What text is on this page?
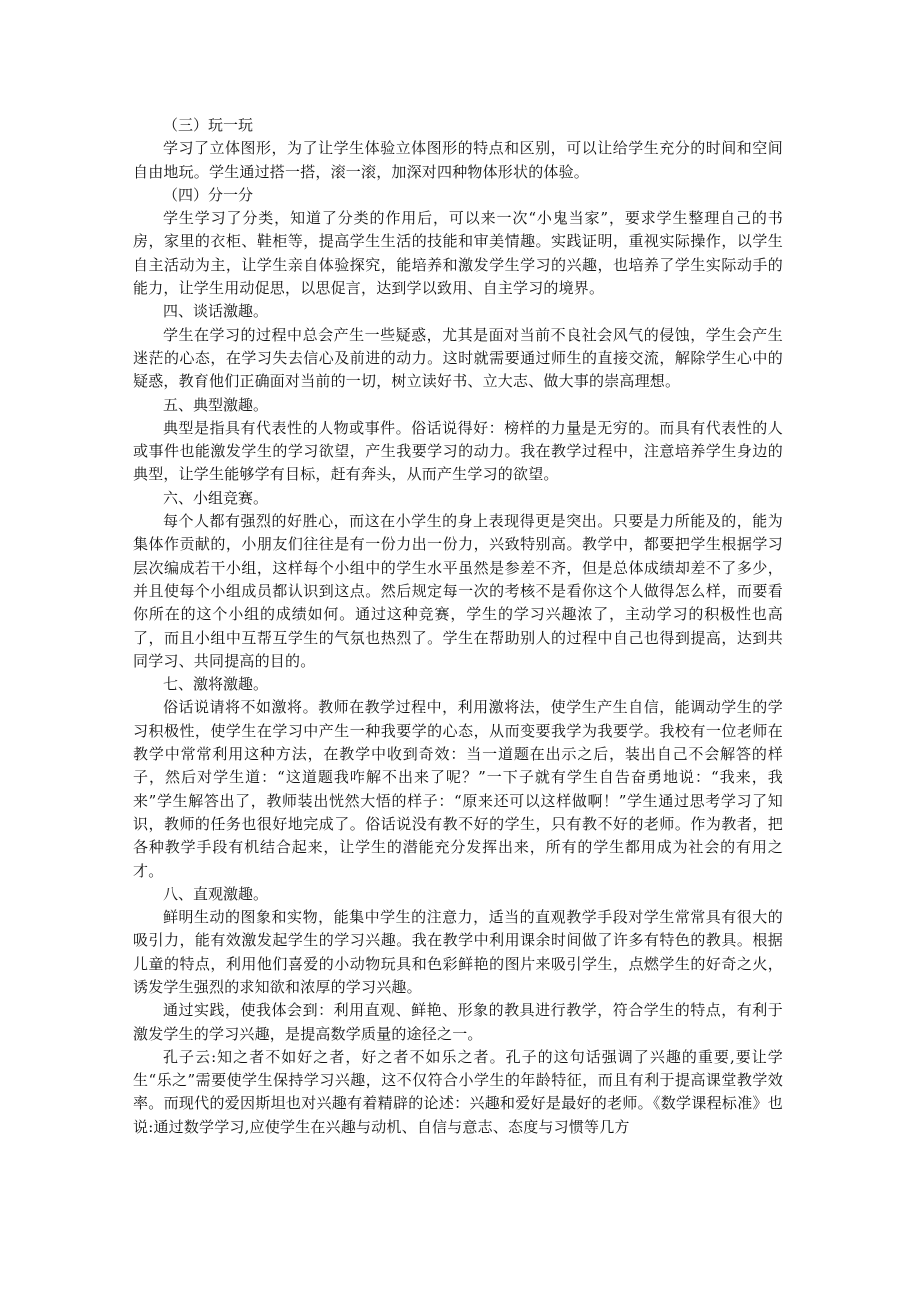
（三）玩一玩

学习了立体图形，为了让学生体验立体图形的特点和区别，可以让给学生充分的时间和空间自由地玩。学生通过搭一搭，滚一滚，加深对四种物体形状的体验。

（四）分一分

学生学习了分类，知道了分类的作用后，可以来一次“小鬼当家”，要求学生整理自己的书房，家里的衣柜、鞋柜等，提高学生生活的技能和审美情趣。实践证明，重视实际操作，以学生自主活动为主，让学生亲自体验探究，能培养和激发学生学习的兴趣，也培养了学生实际动手的能力，让学生用动促思，以思促言，达到学以致用、自主学习的境界。

四、谈话激趣。

学生在学习的过程中总会产生一些疑惑，尤其是面对当前不良社会风气的侵蚀，学生会产生迷茫的心态，在学习失去信心及前进的动力。这时就需要通过师生的直接交流，解除学生心中的疑惑，教育他们正确面对当前的一切，树立读好书、立大志、做大事的崇高理想。

五、典型激趣。

典型是指具有代表性的人物或事件。俗话说得好：榜样的力量是无穷的。而具有代表性的人或事件也能激发学生的学习欲望，产生我要学习的动力。我在教学过程中，注意培养学生身边的典型，让学生能够学有目标，赶有奔头，从而产生学习的欲望。

六、小组竞赛。

每个人都有强烈的好胜心，而这在小学生的身上表现得更是突出。只要是力所能及的，能为集体作贡献的，小朋友们往往是有一份力出一份力，兴致特别高。教学中，都要把学生根据学习层次编成若干小组，这样每个小组中的学生水平虽然是参差不齐，但是总体成绩却差不了多少，并且使每个小组成员都认识到这点。然后规定每一次的考核不是看你这个人做得怎么样，而要看你所在的这个小组的成绩如何。通过这种竞赛，学生的学习兴趣浓了，主动学习的积极性也高了，而且小组中互帮互学生的气氛也热烈了。学生在帮助别人的过程中自己也得到提高，达到共同学习、共同提高的目的。

七、激将激趣。

俗话说请将不如激将。教师在教学过程中，利用激将法，使学生产生自信，能调动学生的学习积极性，使学生在学习中产生一种我要学的心态，从而变要我学为我要学。我校有一位老师在教学中常常利用这种方法，在教学中收到奇效：当一道题在出示之后，装出自己不会解答的样子，然后对学生道：“这道题我咋解不出来了呢？”一下子就有学生自告奋勇地说：“我来，我来”学生解答出了，教师装出恍然大悟的样子：“原来还可以这样做啊！”学生通过思考学习了知识，教师的任务也很好地完成了。俗话说没有教不好的学生，只有教不好的老师。作为教者，把各种教学手段有机结合起来，让学生的潜能充分发挥出来，所有的学生都用成为社会的有用之才。

八、直观激趣。

鲜明生动的图象和实物，能集中学生的注意力，适当的直观教学手段对学生常常具有很大的吸引力，能有效激发起学生的学习兴趣。我在教学中利用课余时间做了许多有特色的教具。根据儿童的特点，利用他们喜爱的小动物玩具和色彩鲜艳的图片来吸引学生，点燃学生的好奇之火，诱发学生强烈的求知欲和浓厚的学习兴趣。

通过实践，使我体会到：利用直观、鲜艳、形象的教具进行教学，符合学生的特点，有利于激发学生的学习兴趣，是提高数学质量的途径之一。

孔子云:知之者不如好之者，好之者不如乐之者。孔子的这句话强调了兴趣的重要,要让学生“乐之”需要使学生保持学习兴趣，这不仅符合小学生的年龄特征，而且有利于提高课堂教学效率。而现代的爱因斯坦也对兴趣有着精辟的论述：兴趣和爱好是最好的老师。《数学课程标准》也说:通过数学学习,应使学生在兴趣与动机、自信与意志、态度与习惯等几方
